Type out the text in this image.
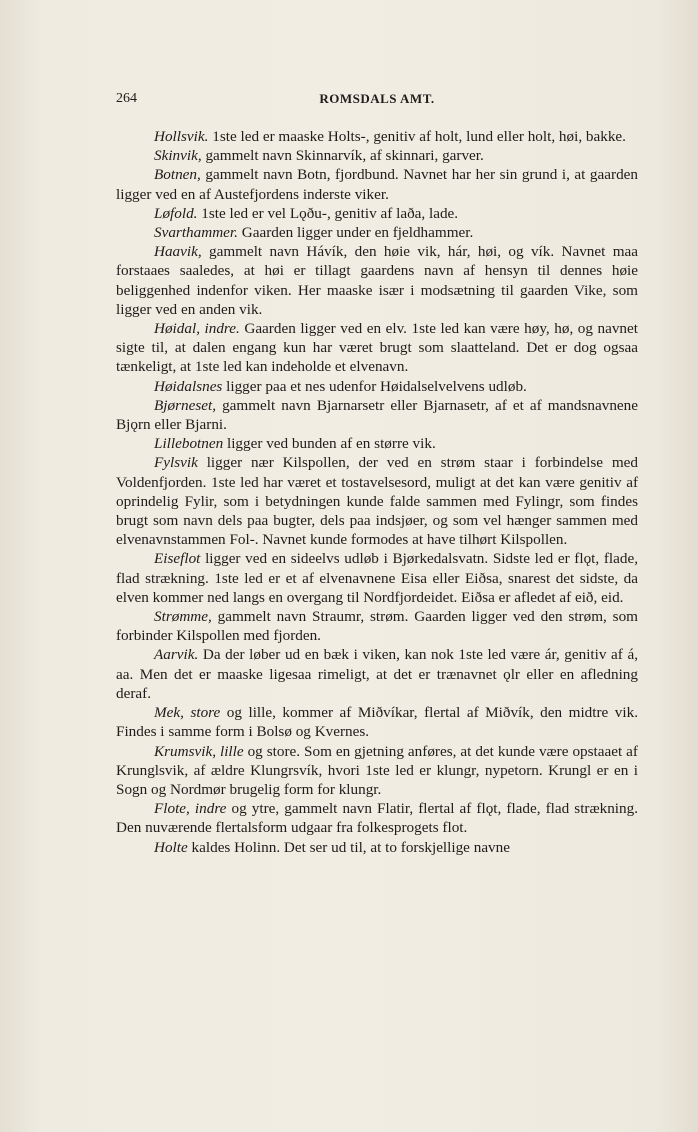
264	ROMSDALS AMT.

Hollsvik. 1ste led er maaske Holts-, genitiv af holt, lund eller holt, høi, bakke.

Skinvik, gammelt navn Skinnarvík, af skinnari, garver.

Botnen, gammelt navn Botn, fjordbund. Navnet har her sin grund i, at gaarden ligger ved en af Austefjordens inderste viker.

Løfold. 1ste led er vel Lǫðu-, genitiv af laða, lade.

Svarthammer. Gaarden ligger under en fjeldhammer.

Haavik, gammelt navn Hávík, den høie vik, hár, høi, og vík. Navnet maa forstaaes saaledes, at høi er tillagt gaardens navn af hensyn til dennes høie beliggenhed indenfor viken. Her maaske især i modsætning til gaarden Vike, som ligger ved en anden vik.

Høidal, indre. Gaarden ligger ved en elv. 1ste led kan være høy, hø, og navnet sigte til, at dalen engang kun har været brugt som slaatteland. Det er dog ogsaa tænkeligt, at 1ste led kan indeholde et elvenavn.

Høidalsnes ligger paa et nes udenfor Høidalselvelvens udløb.

Bjørneset, gammelt navn Bjarnarsetr eller Bjarnasetr, af et af mandsnavnene Bjǫrn eller Bjarni.

Lillebotnen ligger ved bunden af en større vik.

Fylsvik ligger nær Kilspollen, der ved en strøm staar i forbindelse med Voldenfjorden. 1ste led har været et tostavelsesord, muligt at det kan være genitiv af oprindelig Fylir, som i betydningen kunde falde sammen med Fylingr, som findes brugt som navn dels paa bugter, dels paa indsjøer, og som vel hænger sammen med elvenavnstammen Fol-. Navnet kunde formodes at have tilhørt Kilspollen.

Eiseflot ligger ved en sideelvs udløb i Bjørkedalsvatn. Sidste led er flǫt, flade, flad strækning. 1ste led er et af elvenavnene Eisa eller Eiðsa, snarest det sidste, da elven kommer ned langs en overgang til Nordfjordeidet. Eiðsa er afledet af eið, eid.

Strømme, gammelt navn Straumr, strøm. Gaarden ligger ved den strøm, som forbinder Kilspollen med fjorden.

Aarvik. Da der løber ud en bæk i viken, kan nok 1ste led være ár, genitiv af á, aa. Men det er maaske ligesaa rimeligt, at det er trænavnet ǫlr eller en afledning deraf.

Mek, store og lille, kommer af Miðvíkar, flertal af Miðvík, den midtre vik. Findes i samme form i Bolsø og Kvernes.

Krumsvik, lille og store. Som en gjetning anføres, at det kunde være opstaaet af Krunglsvik, af ældre Klungrsvík, hvori 1ste led er klungr, nypetorn. Krungl er en i Sogn og Nordmør brugelig form for klungr.

Flote, indre og ytre, gammelt navn Flatir, flertal af flǫt, flade, flad strækning. Den nuværende flertalsform udgaar fra folkesprogets flot.

Holte kaldes Holinn. Det ser ud til, at to forskjellige navne
